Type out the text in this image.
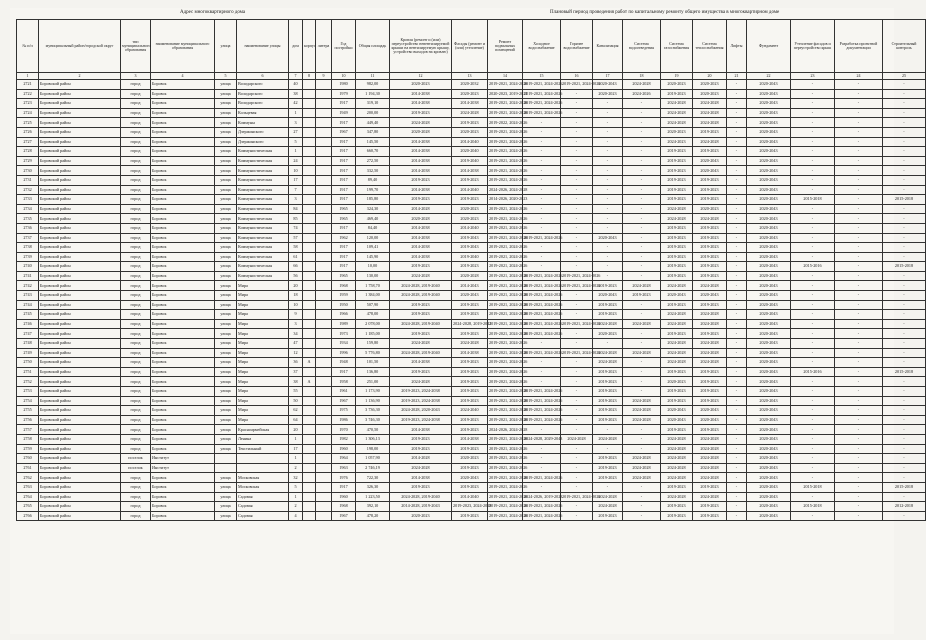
Адрес многоквартирного дома	Плановый период проведения работ по капитальному ремонту общего имущества в многоквартирном доме
№ п/п	муниципальный район/городской округ	тип муниципального образования	наименование муниципального образования	улица	наименование улицы	дом	корпус	литера	Год постройки	Общая площадь	Кровля (ремонт и (или) переустройство невентилируемой крыши на вентилируемую крышу, устройство выходов на кровлю)	Фасады (ремонт и (или) утепление)	Ремонт подвальных помещений	Холодное водоснабжение	Горячее водоснабжение	Канализация	Система водоотведения	Система газоснабжения	Система теплоснабжения	Лифты	Фундамент	Утепление фасадов и переустройство крыш	Разработка проектной документации	Строительный контроль
1	2	3	4	5	6	7	8	9	10	11	12	13	14	15	16	17	18	19	20	21	22	23	24	25
2721	Боровский район	город	Боровск	улица	Володарского	40			1980	982,00	2020-2023	2020-2032	2019-2021, 2024-2026	2019-2021, 2024-2026	2019-2021, 2024-2026	2020-2043	2024-2028	2020-2023	2020-2023	-	2020-2043	-	-	-
2722	Боровский район	город	Боровск	улица	Володарского	38			1979	1 194,30	2014-2038	2020-2023	2020-2023, 2019-2021	2019-2021, 2024-2026	-	2020-2023	2024-2026	2019-2023	2020-2023	-	2020-2043	-	-	-
2723	Боровский район	город	Боровск	улица	Володарского	42			1917	319,10	2014-2038	2014-2038	2019-2021, 2024-2026	2019-2021, 2024-2026	-	-	-	2024-2028	2024-2028	-	2020-2043	-	-	-
2724	Боровский район	город	Боровск	улица	Кольцевая	1			1949	200,00	2019-2023	2024-2028	2019-2021, 2024-2026	2019-2021, 2024-2026	-	-	-	2024-2028	2024-2028	-	2020-2043	-	-	-
2725	Боровский район	город	Боровск	улица	Коммуны	3			1917	449,40	2024-2028	2019-2023	2019-2022, 2024-2026	-	-	-	-	2024-2028	2024-2028	-	2020-2043	-	-	-
2726	Боровский район	город	Боровск	улица	Дзержинского	27			1967	347,80	2020-2028	2020-2023	2019-2021, 2024-2026	-	-	-	-	2020-2023	2019-2023	-	2020-2043	-	-	-
2727	Боровский район	город	Боровск	улица	Дзержинского	5			1917	145,50	2014-2038	2014-2040	2019-2021, 2024-2026	-	-	-	-	2024-2023	2024-2028	-	2020-2043	-	-	-
2728	Боровский район	город	Боровск	улица	Коммунистическая	1			1917	660,70	2014-2038	2020-2040	2019-2021, 2024-2026	-	-	-	-	2019-2023	2019-2023	-	2020-2043	-	-	-
2729	Боровский район	город	Боровск	улица	Коммунистическая	24			1917	272,50	2014-2038	2019-2040	2019-2021, 2024-2026	-	-	-	-	2019-2023	2020-2043	-	2020-2043	-	-	-
2730	Боровский район	город	Боровск	улица	Коммунистическая	10			1917	332,50	2014-2038	2014-2038	2019-2021, 2024-2026	-	-	-	-	2019-2023	2020-2043	-	2020-2043	-	-	-
2731	Боровский район	город	Боровск	улица	Коммунистическая	17			1917	89,40	2019-2023	2019-2023	2019-2021, 2024-2026	-	-	-	-	2019-2023	2019-2023	-	2020-2043	-	-	-
2732	Боровский район	город	Боровск	улица	Коммунистическая	7			1917	199,70	2014-2038	2014-2040	2024-2026, 2024-2028	-	-	-	-	2019-2023	2019-2023	-	2020-2043	-	-	-
2733	Боровский район	город	Боровск	улица	Коммунистическая	3			1917	185,80	2019-2023	2019-2023	2014-2026, 2020-2023	-	-	-	-	2019-2023	2019-2023	-	2020-2043	2015-2018	-	2015-2018
2734	Боровский район	город	Боровск	улица	Коммунистическая	84			1965	324,30	2014-2028	2020-2023	2019-2021, 2024-2026	-	-	-	-	2024-2028	2020-2023	-	2020-2043	-	-	-
2735	Боровский район	город	Боровск	улица	Коммунистическая	85			1965	469,40	2020-2028	2020-2023	2019-2021, 2024-2026	-	-	-	-	2024-2028	2024-2028	-	2020-2043	-	-	-
2736	Боровский район	город	Боровск	улица	Коммунистическая	74			1917	84,40	2014-2038	2014-2040	2019-2021, 2024-2026	-	-	-	-	2019-2023	2019-2023	-	2020-2043	-	-	-
2737	Боровский район	город	Боровск	улица	Коммунистическая	57			1962	120,00	2014-2038	2019-2043	2019-2021, 2024-2026	2019-2021, 2024-2026	-	2020-2043	-	2019-2023	2019-2023	-	2020-2043	-	-	-
2738	Боровский район	город	Боровск	улица	Коммунистическая	58			1917	109,41	2014-2038	2019-2043	2019-2021, 2024-2026	-	-	-	-	2019-2023	2019-2023	-	2020-2043	-	-	-
2739	Боровский район	город	Боровск	улица	Коммунистическая	61			1917	145,90	2014-2038	2019-2040	2019-2021, 2024-2026	-	-	-	-	2019-2023	2019-2023	-	2020-2043	-	-	-
2740	Боровский район	город	Боровск	улица	Коммунистическая	66			1917	10,00	2019-2023	2019-2023	2019-2021, 2024-2026	-	-	-	-	2019-2023	2019-2023	-	2020-2043	2015-2016	-	2015-2018
2741	Боровский район	город	Боровск	улица	Коммунистическая	56			1965	130,00	2024-2028	2020-2028	2019-2021, 2024-2026	2019-2021, 2024-2026	2019-2021, 2024-2026	-	-	2019-2023	2019-2023	-	2020-2043	-	-	-
2742	Боровский район	город	Боровск	улица	Мира	20			1968	1 758,70	2024-2028, 2019-2040	2014-2043	2019-2021, 2024-2026	2019-2021, 2024-2026	2019-2021, 2024-2026	2019-2023	2024-2028	2024-2028	2024-2028	-	2020-2043	-	-	-
2743	Боровский район	город	Боровск	улица	Мира	18			1959	1 384,00	2024-2028, 2019-2040	2020-2043	2019-2021, 2024-2026	2019-2021, 2024-2026	-	2020-2043	2019-2023	2020-2043	2020-2043	-	2020-2043	-	-	-
2744	Боровский район	город	Боровск	улица	Мира	10			1950	507,90	2019-2023	2019-2023	2019-2021, 2024-2026	2019-2021, 2024-2026	-	2019-2023	-	2019-2023	2019-2023	-	2020-2043	-	-	-
2745	Боровский район	город	Боровск	улица	Мира	9			1966	478,00	2019-2023	2019-2023	2019-2021, 2024-2026	2019-2021, 2024-2026	-	2019-2023	-	2024-2028	2024-2028	-	2020-2043	-	-	-
2746	Боровский район	город	Боровск	улица	Мира	3			1989	2 078,00	2024-2028, 2019-2040	2024-2028, 2019-2041	2019-2021, 2024-2026	2019-2021, 2024-2026	2019-2021, 2024-2026	2024-2028	2024-2028	2024-2028	2024-2028	-	2020-2043	-	-	-
2747	Боровский район	город	Боровск	улица	Мира	34			1973	1 185,00	2019-2023	2019-2023	2019-2021, 2024-2026	2019-2021, 2024-2026	-	2020-2023	-	2019-2023	2019-2023	-	2020-2043	-	-	-
2748	Боровский район	город	Боровск	улица	Мира	47			1934	159,80	2024-2028	2024-2028	2019-2021, 2024-2026	-	-	-	-	2024-2028	2024-2028	-	2020-2043	-	-	-
2749	Боровский район	город	Боровск	улица	Мира	12			1996	5 776,80	2024-2028, 2019-2040	2014-2038	2019-2021, 2024-2026	2019-2021, 2024-2026	2019-2021, 2024-2026	2024-2028	2024-2028	2024-2028	2024-2028	-	2020-2043	-	-	-
2750	Боровский район	город	Боровск	улица	Мира	36	А		1948	101,50	2014-2038	2019-2023	2019-2021, 2024-2026	-	-	2024-2028	-	2024-2028	2024-2028	-	2020-2043	-	-	-
2751	Боровский район	город	Боровск	улица	Мира	37			1917	136,80	2019-2023	2019-2023	2019-2021, 2024-2026	-	-	2019-2023	-	2019-2023	2019-2023	-	2020-2043	2015-2016	-	2015-2018
2752	Боровский район	город	Боровск	улица	Мира	38	А		1958	251,00	2024-2028	2019-2023	2019-2021, 2024-2026	-	-	2019-2023	-	2020-2023	2019-2023	-	2020-2043	-	-	-
2753	Боровский район	город	Боровск	улица	Мира	55			1961	1 173,90	2019-2023, 2024-2038	2019-2023	2019-2021, 2024-2026	2019-2021, 2024-2026	-	2019-2023	-	2019-2023	2019-2023	-	2020-2043	-	-	-
2754	Боровский район	город	Боровск	улица	Мира	50			1967	1 136,90	2019-2023, 2024-2038	2019-2023	2019-2021, 2024-2026	2019-2021, 2024-2026	-	2019-2023	2024-2028	2019-2023	2019-2023	-	2020-2043	-	-	-
2755	Боровский район	город	Боровск	улица	Мира	62			1975	3 736,30	2024-2028, 2020-2043	2024-2040	2019-2021, 2024-2026	2019-2021, 2024-2026	-	2019-2023	2024-2028	2020-2043	2020-2043	-	2020-2043	-	-	-
2756	Боровский район	город	Боровск	улица	Мира	64			1986	3 746,30	2019-2023, 2024-2038	2019-2023	2019-2021, 2024-2026	2019-2021, 2024-2026	-	2019-2023	2024-2028	2020-2043	2020-2043	-	2020-2043	-	-	-
2757	Боровский район	город	Боровск	улица	Красноармейская	20			1970	470,50	2014-2038	2019-2023	2024-2026, 2024-2028	-	-	-	-	2019-2023	2019-2023	-	2020-2043	-	-	-
2758	Боровский район	город	Боровск	улица	Ленина	1			1982	1 306,13	2019-2023	2014-2038	2019-2021, 2024-2026	2024-2028, 2029-2043	2024-2028	2024-2028	-	2024-2028	2024-2028	-	2020-2043	-	-	-
2759	Боровский район	город	Боровск	улица	Текстильный	17			1960	198,00	2019-2023	2019-2023	2019-2021, 2024-2026	-	-	-	-	2024-2028	2024-2028	-	2020-2043	-	-	-
2760	Боровский район	поселок	Институт			1			1964	1 057,90	2014-2028	2020-2023	2019-2021, 2024-2026	-	-	2019-2023	2024-2028	2024-2028	2024-2028	-	2020-2043	-	-	-
2761	Боровский район	поселок	Институт			2			1963	2 746,19	2024-2028	2019-2023	2019-2021, 2024-2026	-	-	2019-2023	2024-2028	2024-2028	2024-2028	-	2020-2043	-	-	-
2762	Боровский район	город	Боровск	улица	Московская	32			1976	722,30	2014-2038	2020-2043	2019-2021, 2024-2026	2019-2021, 2024-2026	-	2019-2023	2024-2028	2024-2028	2024-2028	-	2020-2043	-	-	-
2763	Боровский район	город	Боровск	улица	Московская	5			1917	326,30	2019-2023	2019-2023	2019-2021, 2024-2026	-	-	-	-	2019-2023	2019-2023	-	2020-2043	2015-2018	-	2015-2018
2764	Боровский район	город	Боровск	улица	Садовая	1			1960	1 223,50	2024-2028, 2019-2040	2014-2040	2019-2021, 2024-2026	2024-2026, 2019-2023	2019-2021, 2024-2026	2024-2028	-	2024-2028	2024-2028	-	2020-2043	-	-	-
2765	Боровский район	город	Боровск	улица	Садовая	2			1968	392,10	2014-2028, 2019-2043	2019-2023, 2024-2028	2019-2021, 2024-2026	2019-2021, 2024-2026	-	2024-2028	-	2019-2023	2019-2023	-	2020-2043	2015-2018	-	2012-2018
2766	Боровский район	город	Боровск	улица	Садовая	4			1967	478,20	2020-2023	2019-2023	2019-2021, 2024-2026	2019-2021, 2024-2026	-	2019-2023	-	2019-2023	2019-2023	-	2020-2043	-	-	-
